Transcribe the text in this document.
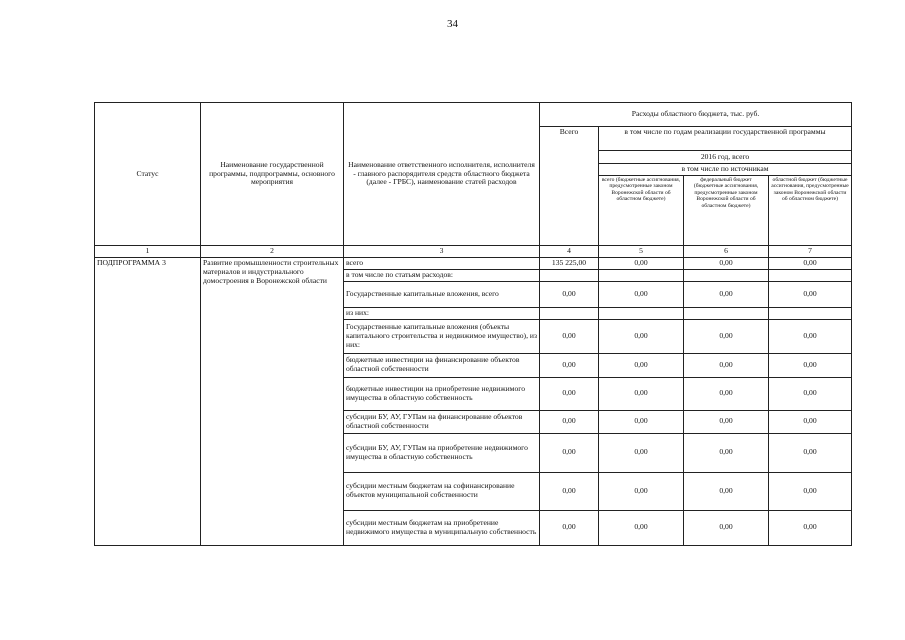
34
Статус	Наименование государственной программы, подпрограммы, основного мероприятия	Наименование ответственного исполнителя, исполнителя - главного распорядителя средств областного бюджета (далее - ГРБС), наименование статей расходов	Расходы областного бюджета, тыс. руб.			
			Всего	в том числе по годам реализации государственной программы		
				2016 год, всего		
				в том числе по источникам		
				всего (бюджетные ассигнования, предусмотренные законом Воронежской области об областном бюджете)	федеральный бюджет (бюджетные ассигнования, предусмотренные законом Воронежской области об областном бюджете)	областной бюджет (бюджетные ассигнования, предусмотренные законом Воронежской области об областном бюджете)
1	2	3	4	5	6	7
ПОДПРОГРАММА 3	Развитие промышленности строительных материалов и индустриального домостроения в Воронежской области	всего	135 225,00	0,00	0,00	0,00
		в том числе по статьям расходов:				
		Государственные капитальные вложения, всего	0,00	0,00	0,00	0,00
		из них:				
		Государственные капитальные вложения (объекты капитального строительства и недвижимое имущество), из них:	0,00	0,00	0,00	0,00
		бюджетные инвестиции на финансирование объектов областной собственности	0,00	0,00	0,00	0,00
		бюджетные инвестиции на приобретение недвижимого имущества в областную собственность	0,00	0,00	0,00	0,00
		субсидии БУ, АУ, ГУПам на финансирование объектов областной собственности	0,00	0,00	0,00	0,00
		субсидии БУ, АУ, ГУПам на приобретение недвижимого имущества в областную собственность	0,00	0,00	0,00	0,00
		субсидии местным бюджетам на софинансирование объектов муниципальной собственности	0,00	0,00	0,00	0,00
		субсидии местным бюджетам на приобретение недвижимого имущества в муниципальную собственность	0,00	0,00	0,00	0,00
